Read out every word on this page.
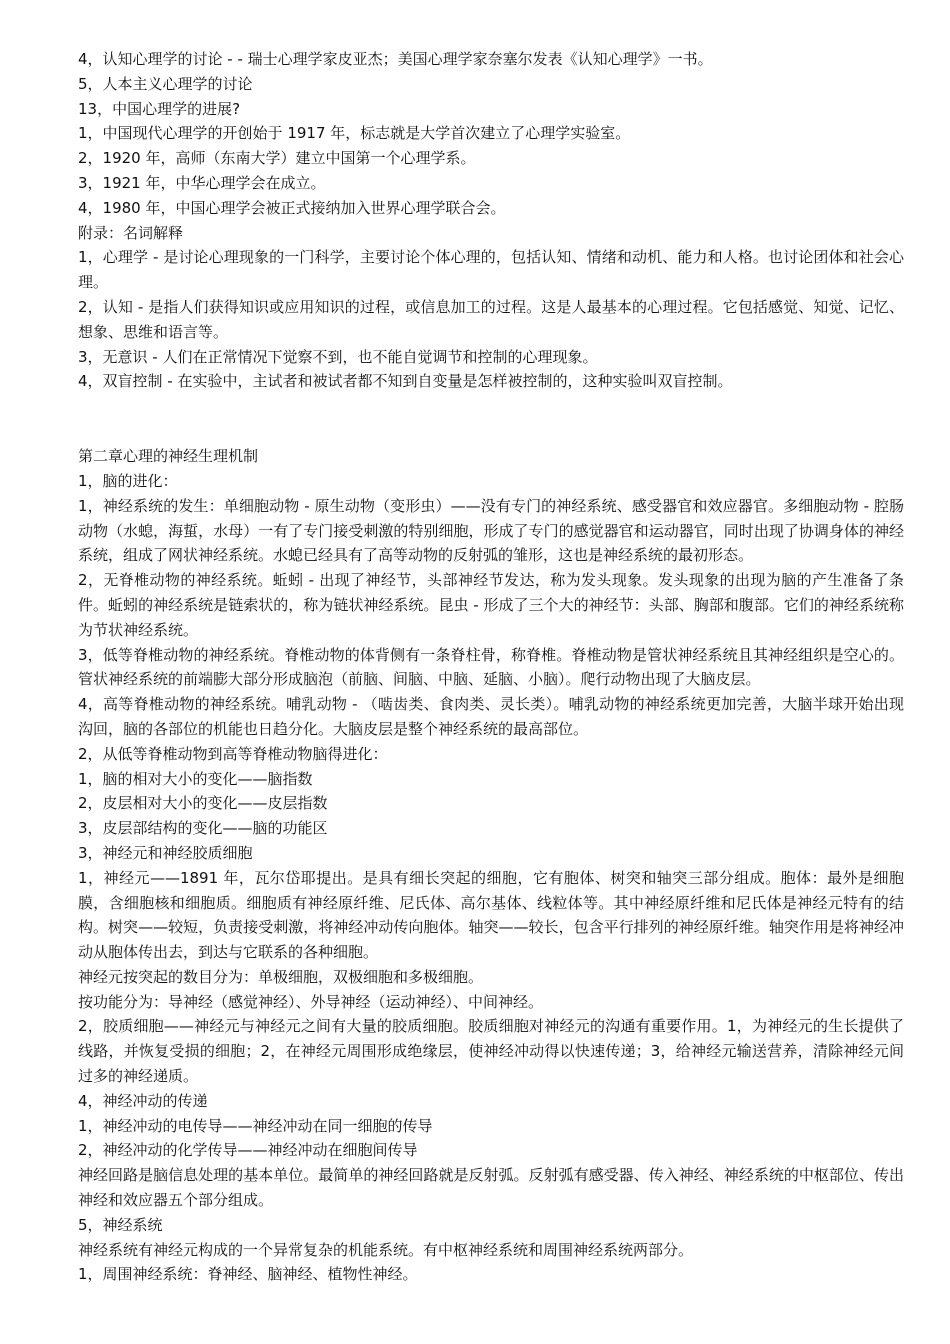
4，认知心理学的讨论 - - 瑞士心理学家皮亚杰；美国心理学家奈塞尔发表《认知心理学》一书。

5，人本主义心理学的讨论

13，中国心理学的进展?

1，中国现代心理学的开创始于 1917 年，标志就是大学首次建立了心理学实验室。

2，1920 年，高师（东南大学）建立中国第一个心理学系。

3，1921 年，中华心理学会在成立。

4，1980 年，中国心理学会被正式接纳加入世界心理学联合会。

附录：名词解释

1，心理学 - 是讨论心理现象的一门科学，主要讨论个体心理的，包括认知、情绪和动机、能力和人格。也讨论团体和社会心理。

2，认知 - 是指人们获得知识或应用知识的过程，或信息加工的过程。这是人最基本的心理过程。它包括感觉、知觉、记忆、想象、思维和语言等。

3，无意识 - 人们在正常情况下觉察不到，也不能自觉调节和控制的心理现象。

4，双盲控制 - 在实验中，主试者和被试者都不知到自变量是怎样被控制的，这种实验叫双盲控制。

第二章心理的神经生理机制

1，脑的进化：

1，神经系统的发生：单细胞动物 - 原生动物（变形虫）——没有专门的神经系统、感受器官和效应器官。多细胞动物 - 腔肠动物（水螅，海蜇，水母）一有了专门接受刺激的特别细胞，形成了专门的感觉器官和运动器官，同时出现了协调身体的神经系统，组成了网状神经系统。水螅已经具有了高等动物的反射弧的雏形，这也是神经系统的最初形态。

2，无脊椎动物的神经系统。蚯蚓 - 出现了神经节，头部神经节发达，称为发头现象。发头现象的出现为脑的产生准备了条件。蚯蚓的神经系统是链索状的，称为链状神经系统。昆虫 - 形成了三个大的神经节：头部、胸部和腹部。它们的神经系统称为节状神经系统。

3，低等脊椎动物的神经系统。脊椎动物的体背侧有一条脊柱骨，称脊椎。脊椎动物是管状神经系统且其神经组织是空心的。管状神经系统的前端膨大部分形成脑泡（前脑、间脑、中脑、延脑、小脑）。爬行动物出现了大脑皮层。

4，高等脊椎动物的神经系统。哺乳动物 - （啮齿类、食肉类、灵长类）。哺乳动物的神经系统更加完善，大脑半球开始出现沟回，脑的各部位的机能也日趋分化。大脑皮层是整个神经系统的最高部位。

2，从低等脊椎动物到高等脊椎动物脑得进化：

1，脑的相对大小的变化——脑指数

2，皮层相对大小的变化——皮层指数

3，皮层部结构的变化——脑的功能区

3，神经元和神经胶质细胞

1，神经元——1891 年，瓦尔岱耶提出。是具有细长突起的细胞，它有胞体、树突和轴突三部分组成。胞体：最外是细胞膜，含细胞核和细胞质。细胞质有神经原纤维、尼氏体、高尔基体、线粒体等。其中神经原纤维和尼氏体是神经元特有的结构。树突——较短，负责接受刺激，将神经冲动传向胞体。轴突——较长，包含平行排列的神经原纤维。轴突作用是将神经冲动从胞体传出去，到达与它联系的各种细胞。

神经元按突起的数目分为：单极细胞，双极细胞和多极细胞。

按功能分为：导神经（感觉神经）、外导神经（运动神经）、中间神经。

2，胶质细胞——神经元与神经元之间有大量的胶质细胞。胶质细胞对神经元的沟通有重要作用。1，为神经元的生长提供了线路，并恢复受损的细胞；2，在神经元周围形成绝缘层，使神经冲动得以快速传递；3，给神经元输送营养，清除神经元间过多的神经递质。

4，神经冲动的传递

1，神经冲动的电传导——神经冲动在同一细胞的传导

2，神经冲动的化学传导——神经冲动在细胞间传导

神经回路是脑信息处理的基本单位。最简单的神经回路就是反射弧。反射弧有感受器、传入神经、神经系统的中枢部位、传出神经和效应器五个部分组成。

5，神经系统

神经系统有神经元构成的一个异常复杂的机能系统。有中枢神经系统和周围神经系统两部分。

1，周围神经系统：脊神经、脑神经、植物性神经。
